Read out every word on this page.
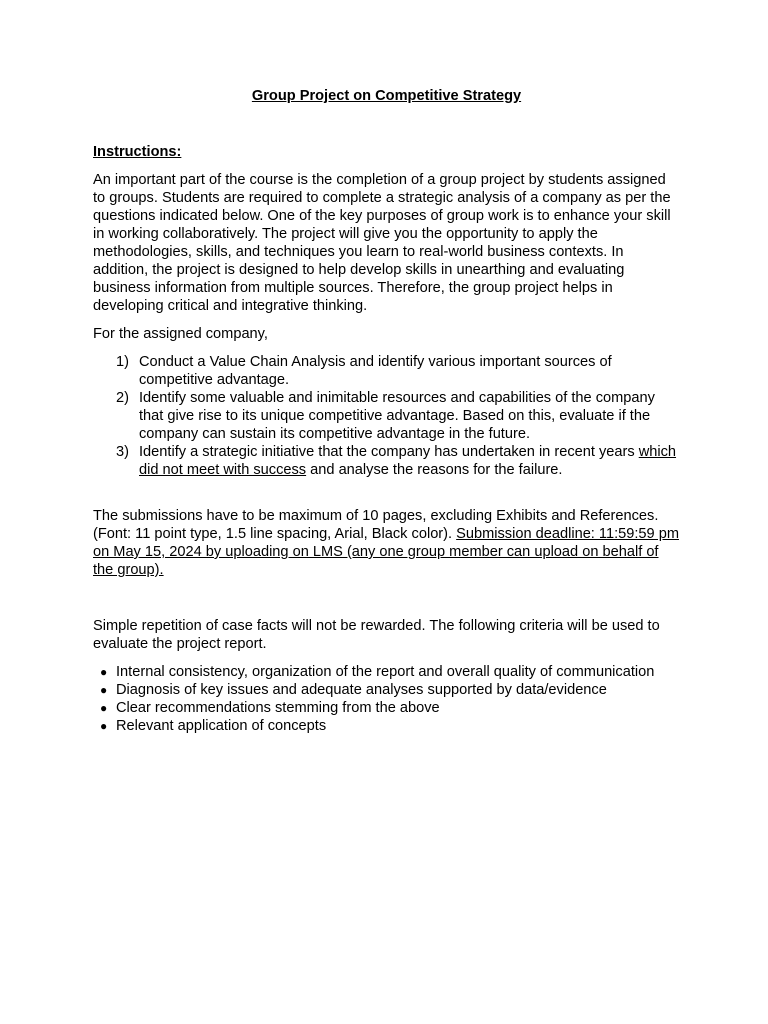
Group Project on Competitive Strategy
Instructions:

An important part of the course is the completion of a group project by students assigned to groups. Students are required to complete a strategic analysis of a company as per the questions indicated below. One of the key purposes of group work is to enhance your skill in working collaboratively. The project will give you the opportunity to apply the methodologies, skills, and techniques you learn to real-world business contexts. In addition, the project is designed to help develop skills in unearthing and evaluating business information from multiple sources. Therefore, the group project helps in developing critical and integrative thinking.

For the assigned company,

1) Conduct a Value Chain Analysis and identify various important sources of competitive advantage.
2) Identify some valuable and inimitable resources and capabilities of the company that give rise to its unique competitive advantage. Based on this, evaluate if the company can sustain its competitive advantage in the future.
3) Identify a strategic initiative that the company has undertaken in recent years which did not meet with success and analyse the reasons for the failure.

The submissions have to be maximum of 10 pages, excluding Exhibits and References. (Font: 11 point type, 1.5 line spacing, Arial, Black color). Submission deadline: 11:59:59 pm on May 15, 2024 by uploading on LMS (any one group member can upload on behalf of the group).

Simple repetition of case facts will not be rewarded. The following criteria will be used to evaluate the project report.

● Internal consistency, organization of the report and overall quality of communication
● Diagnosis of key issues and adequate analyses supported by data/evidence
● Clear recommendations stemming from the above
● Relevant application of concepts
